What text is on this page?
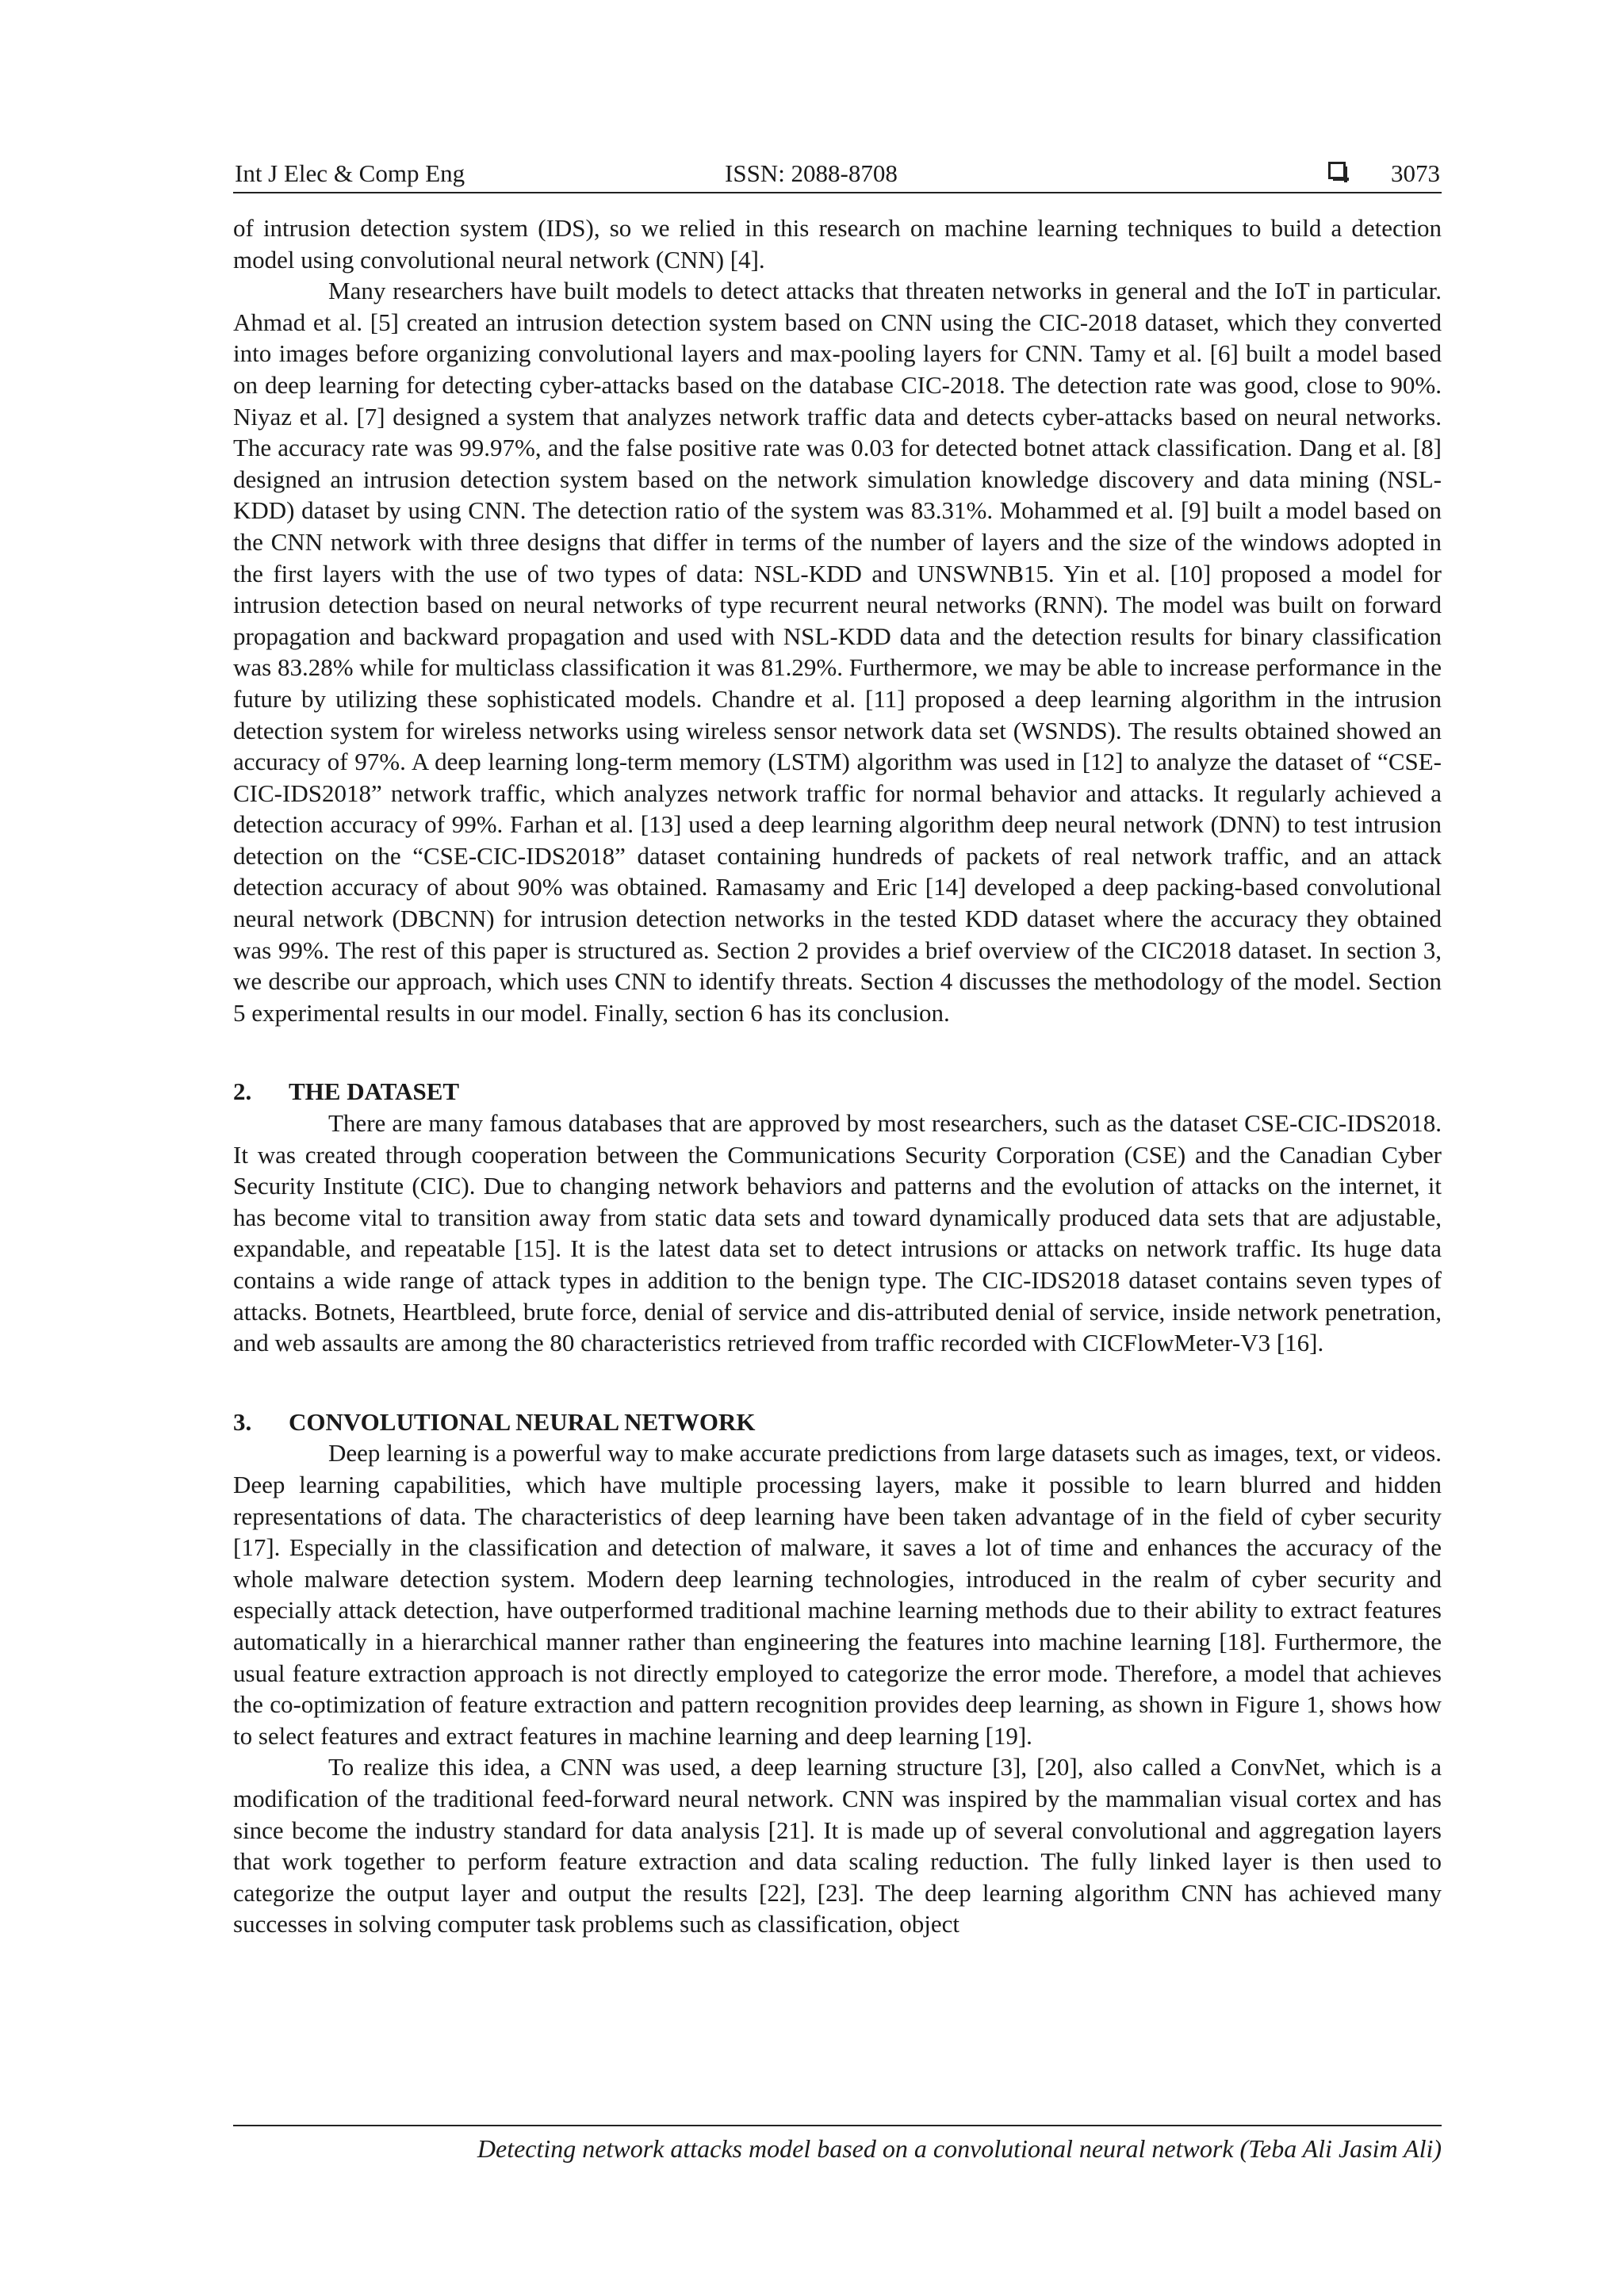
Int J Elec & Comp Eng	ISSN: 2088-8708	3073

of intrusion detection system (IDS), so we relied in this research on machine learning techniques to build a detection model using convolutional neural network (CNN) [4].

Many researchers have built models to detect attacks that threaten networks in general and the IoT in particular. Ahmad et al. [5] created an intrusion detection system based on CNN using the CIC-2018 dataset, which they converted into images before organizing convolutional layers and max-pooling layers for CNN. Tamy et al. [6] built a model based on deep learning for detecting cyber-attacks based on the database CIC-2018. The detection rate was good, close to 90%. Niyaz et al. [7] designed a system that analyzes network traffic data and detects cyber-attacks based on neural networks. The accuracy rate was 99.97%, and the false positive rate was 0.03 for detected botnet attack classification. Dang et al. [8] designed an intrusion detection system based on the network simulation knowledge discovery and data mining (NSL-KDD) dataset by using CNN. The detection ratio of the system was 83.31%. Mohammed et al. [9] built a model based on the CNN network with three designs that differ in terms of the number of layers and the size of the windows adopted in the first layers with the use of two types of data: NSL-KDD and UNSWNB15. Yin et al. [10] proposed a model for intrusion detection based on neural networks of type recurrent neural networks (RNN). The model was built on forward propagation and backward propagation and used with NSL-KDD data and the detection results for binary classification was 83.28% while for multiclass classification it was 81.29%. Furthermore, we may be able to increase performance in the future by utilizing these sophisticated models. Chandre et al. [11] proposed a deep learning algorithm in the intrusion detection system for wireless networks using wireless sensor network data set (WSNDS). The results obtained showed an accuracy of 97%. A deep learning long-term memory (LSTM) algorithm was used in [12] to analyze the dataset of “CSE-CIC-IDS2018” network traffic, which analyzes network traffic for normal behavior and attacks. It regularly achieved a detection accuracy of 99%. Farhan et al. [13] used a deep learning algorithm deep neural network (DNN) to test intrusion detection on the “CSE-CIC-IDS2018” dataset containing hundreds of packets of real network traffic, and an attack detection accuracy of about 90% was obtained. Ramasamy and Eric [14] developed a deep packing-based convolutional neural network (DBCNN) for intrusion detection networks in the tested KDD dataset where the accuracy they obtained was 99%. The rest of this paper is structured as. Section 2 provides a brief overview of the CIC2018 dataset. In section 3, we describe our approach, which uses CNN to identify threats. Section 4 discusses the methodology of the model. Section 5 experimental results in our model. Finally, section 6 has its conclusion.

2.	THE DATASET

There are many famous databases that are approved by most researchers, such as the dataset CSE-CIC-IDS2018. It was created through cooperation between the Communications Security Corporation (CSE) and the Canadian Cyber Security Institute (CIC). Due to changing network behaviors and patterns and the evolution of attacks on the internet, it has become vital to transition away from static data sets and toward dynamically produced data sets that are adjustable, expandable, and repeatable [15]. It is the latest data set to detect intrusions or attacks on network traffic. Its huge data contains a wide range of attack types in addition to the benign type. The CIC-IDS2018 dataset contains seven types of attacks. Botnets, Heartbleed, brute force, denial of service and dis-attributed denial of service, inside network penetration, and web assaults are among the 80 characteristics retrieved from traffic recorded with CICFlowMeter-V3 [16].

3.	CONVOLUTIONAL NEURAL NETWORK

Deep learning is a powerful way to make accurate predictions from large datasets such as images, text, or videos. Deep learning capabilities, which have multiple processing layers, make it possible to learn blurred and hidden representations of data. The characteristics of deep learning have been taken advantage of in the field of cyber security [17]. Especially in the classification and detection of malware, it saves a lot of time and enhances the accuracy of the whole malware detection system. Modern deep learning technologies, introduced in the realm of cyber security and especially attack detection, have outperformed traditional machine learning methods due to their ability to extract features automatically in a hierarchical manner rather than engineering the features into machine learning [18]. Furthermore, the usual feature extraction approach is not directly employed to categorize the error mode. Therefore, a model that achieves the co-optimization of feature extraction and pattern recognition provides deep learning, as shown in Figure 1, shows how to select features and extract features in machine learning and deep learning [19].

To realize this idea, a CNN was used, a deep learning structure [3], [20], also called a ConvNet, which is a modification of the traditional feed-forward neural network. CNN was inspired by the mammalian visual cortex and has since become the industry standard for data analysis [21]. It is made up of several convolutional and aggregation layers that work together to perform feature extraction and data scaling reduction. The fully linked layer is then used to categorize the output layer and output the results [22], [23]. The deep learning algorithm CNN has achieved many successes in solving computer task problems such as classification, object

Detecting network attacks model based on a convolutional neural network (Teba Ali Jasim Ali)
